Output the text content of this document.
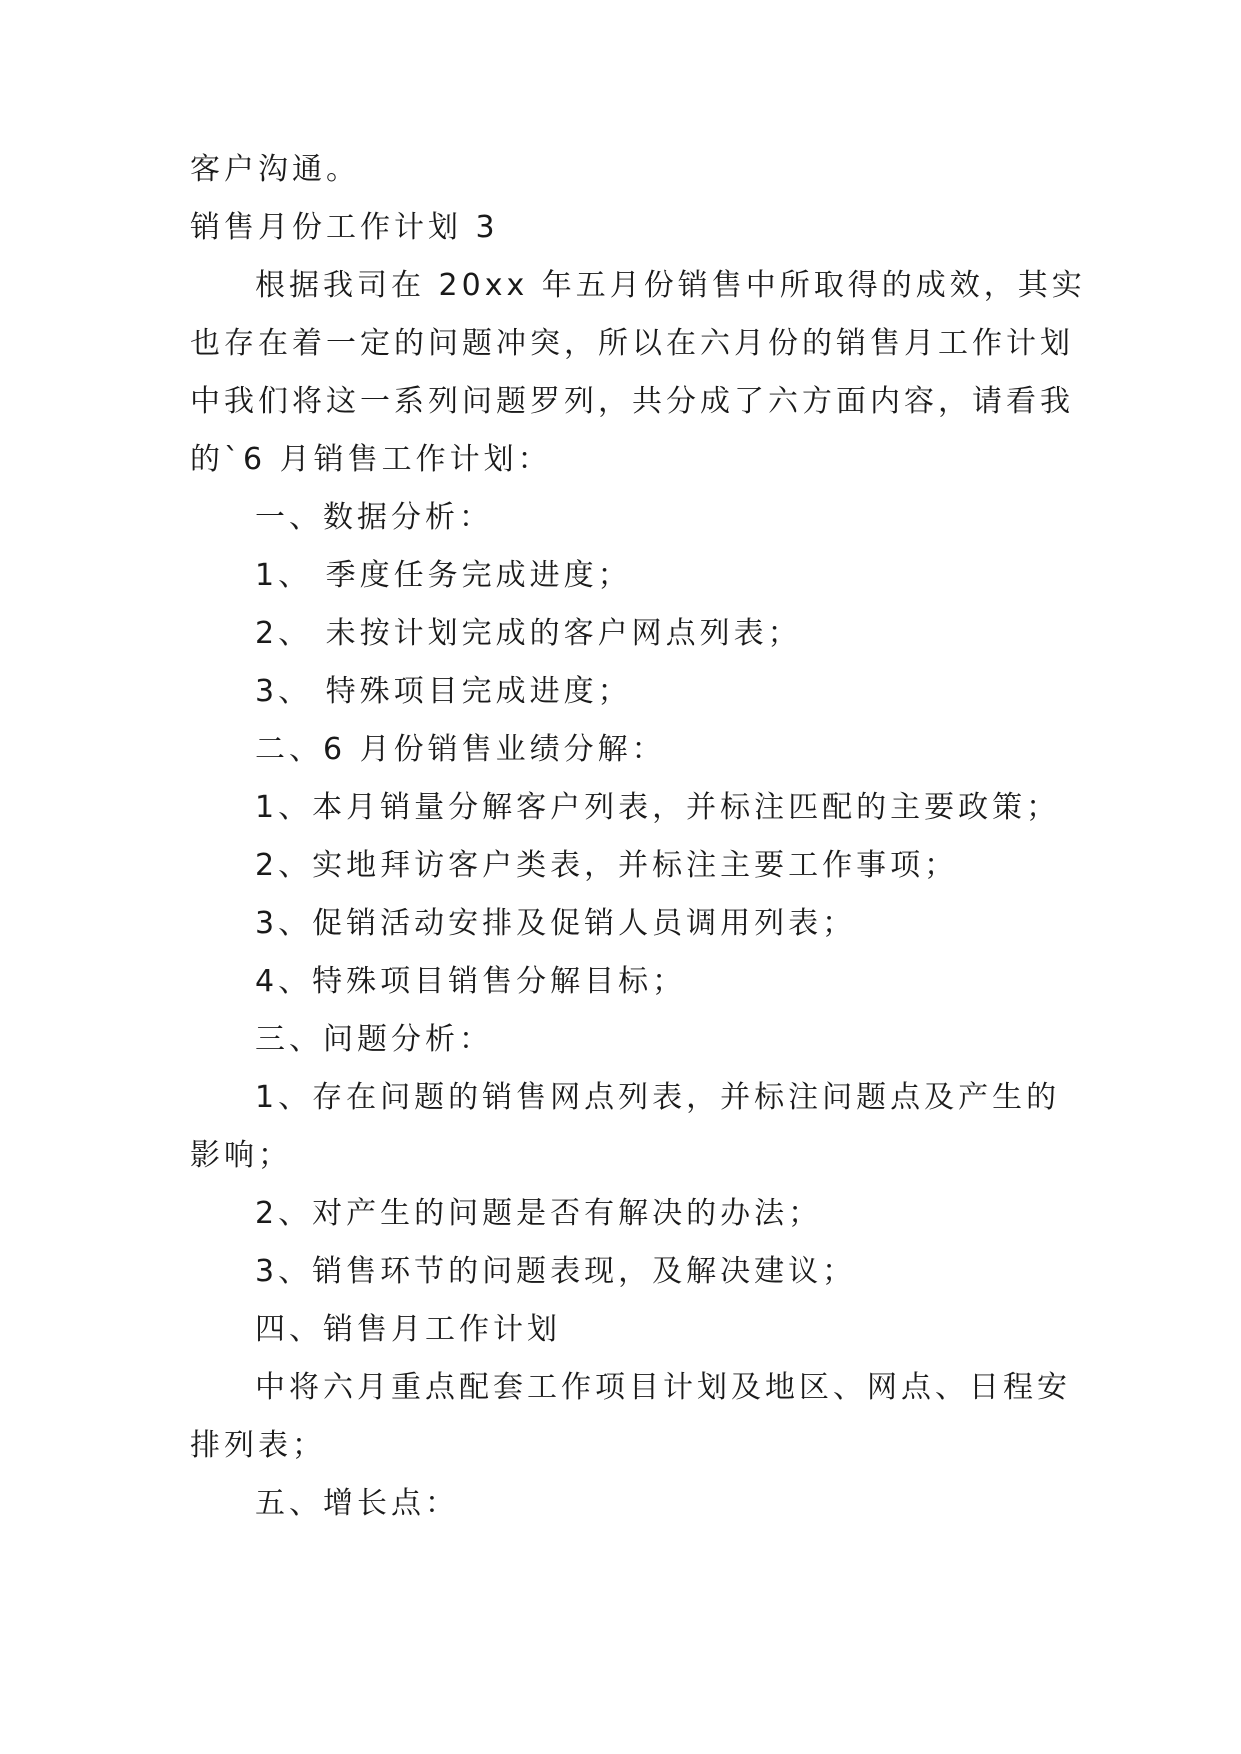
客户沟通。
销售月份工作计划 3
根据我司在 20xx 年五月份销售中所取得的成效，其实
也存在着一定的问题冲突，所以在六月份的销售月工作计划
中我们将这一系列问题罗列，共分成了六方面内容，请看我
的`6 月销售工作计划：
一、数据分析：
1、 季度任务完成进度；
2、 未按计划完成的客户网点列表；
3、 特殊项目完成进度；
二、6 月份销售业绩分解：
1、本月销量分解客户列表，并标注匹配的主要政策；
2、实地拜访客户类表，并标注主要工作事项；
3、促销活动安排及促销人员调用列表；
4、特殊项目销售分解目标；
三、问题分析：
1、存在问题的销售网点列表，并标注问题点及产生的
影响；
2、对产生的问题是否有解决的办法；
3、销售环节的问题表现，及解决建议；
四、销售月工作计划
中将六月重点配套工作项目计划及地区、网点、日程安
排列表；
五、增长点：
